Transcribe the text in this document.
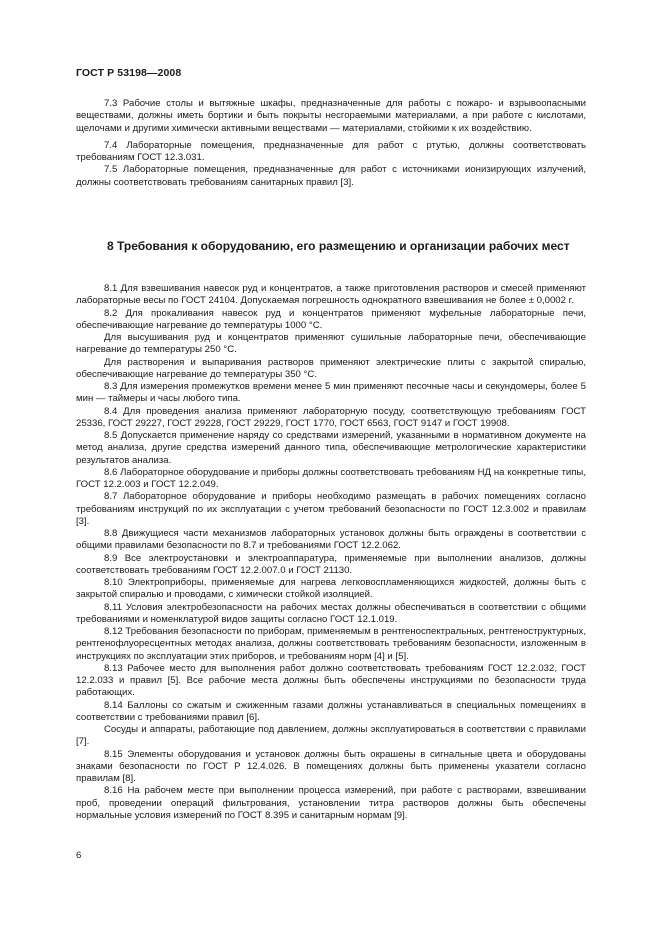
ГОСТ Р 53198—2008

7.3 Рабочие столы и вытяжные шкафы, предназначенные для работы с пожаро- и взрывоопасными веществами, должны иметь бортики и быть покрыты несгораемыми материалами, а при работе с кислотами, щелочами и другими химически активными веществами — материалами, стойкими к их воздействию.

7.4 Лабораторные помещения, предназначенные для работ с ртутью, должны соответствовать требованиям ГОСТ 12.3.031.

7.5 Лабораторные помещения, предназначенные для работ с источниками ионизирующих излучений, должны соответствовать требованиям санитарных правил [3].

8 Требования к оборудованию, его размещению и организации рабочих мест

8.1 Для взвешивания навесок руд и концентратов, а также приготовления растворов и смесей применяют лабораторные весы по ГОСТ 24104. Допускаемая погрешность однократного взвешивания не более ± 0,0002 г.

8.2 Для прокаливания навесок руд и концентратов применяют муфельные лабораторные печи, обеспечивающие нагревание до температуры 1000 °С.

Для высушивания руд и концентратов применяют сушильные лабораторные печи, обеспечивающие нагревание до температуры 250 °С.

Для растворения и выпаривания растворов применяют электрические плиты с закрытой спиралью, обеспечивающие нагревание до температуры 350 °С.

8.3 Для измерения промежутков времени менее 5 мин применяют песочные часы и секундомеры, более 5 мин — таймеры и часы любого типа.

8.4 Для проведения анализа применяют лабораторную посуду, соответствующую требованиям ГОСТ 25336, ГОСТ 29227, ГОСТ 29228, ГОСТ 29229, ГОСТ 1770, ГОСТ 6563, ГОСТ 9147 и ГОСТ 19908.

8.5 Допускается применение наряду со средствами измерений, указанными в нормативном документе на метод анализа, другие средства измерений данного типа, обеспечивающие метрологические характеристики результатов анализа.

8.6 Лабораторное оборудование и приборы должны соответствовать требованиям НД на конкретные типы, ГОСТ 12.2.003 и ГОСТ 12.2.049.

8.7 Лабораторное оборудование и приборы необходимо размещать в рабочих помещениях согласно требованиям инструкций по их эксплуатации с учетом требований безопасности по ГОСТ 12.3.002 и правилам [3].

8.8 Движущиеся части механизмов лабораторных установок должны быть ограждены в соответствии с общими правилами безопасности по 8.7 и требованиями ГОСТ 12.2.062.

8.9 Все электроустановки и электроаппаратура, применяемые при выполнении анализов, должны соответствовать требованиям ГОСТ 12.2.007.0 и ГОСТ 21130.

8.10 Электроприборы, применяемые для нагрева легковоспламеняющихся жидкостей, должны быть с закрытой спиралью и проводами, с химически стойкой изоляцией.

8.11 Условия электробезопасности на рабочих местах должны обеспечиваться в соответствии с общими требованиями и номенклатурой видов защиты согласно ГОСТ 12.1.019.

8.12 Требования безопасности по приборам, применяемым в рентгеноспектральных, рентгеноструктурных, рентгенофлуоресцентных методах анализа, должны соответствовать требованиям безопасности, изложенным в инструкциях по эксплуатации этих приборов, и требованиям норм [4] и [5].

8.13 Рабочее место для выполнения работ должно соответствовать требованиям ГОСТ 12.2.032, ГОСТ 12.2.033 и правил [5]. Все рабочие места должны быть обеспечены инструкциями по безопасности труда работающих.

8.14 Баллоны со сжатым и сжиженным газами должны устанавливаться в специальных помещениях в соответствии с требованиями правил [6].

Сосуды и аппараты, работающие под давлением, должны эксплуатироваться в соответствии с правилами [7].

8.15 Элементы оборудования и установок должны быть окрашены в сигнальные цвета и оборудованы знаками безопасности по ГОСТ Р 12.4.026. В помещениях должны быть применены указатели согласно правилам [8].

8.16 На рабочем месте при выполнении процесса измерений, при работе с растворами, взвешивании проб, проведении операций фильтрования, установлении титра растворов должны быть обеспечены нормальные условия измерений по ГОСТ 8.395 и санитарным нормам [9].

6
